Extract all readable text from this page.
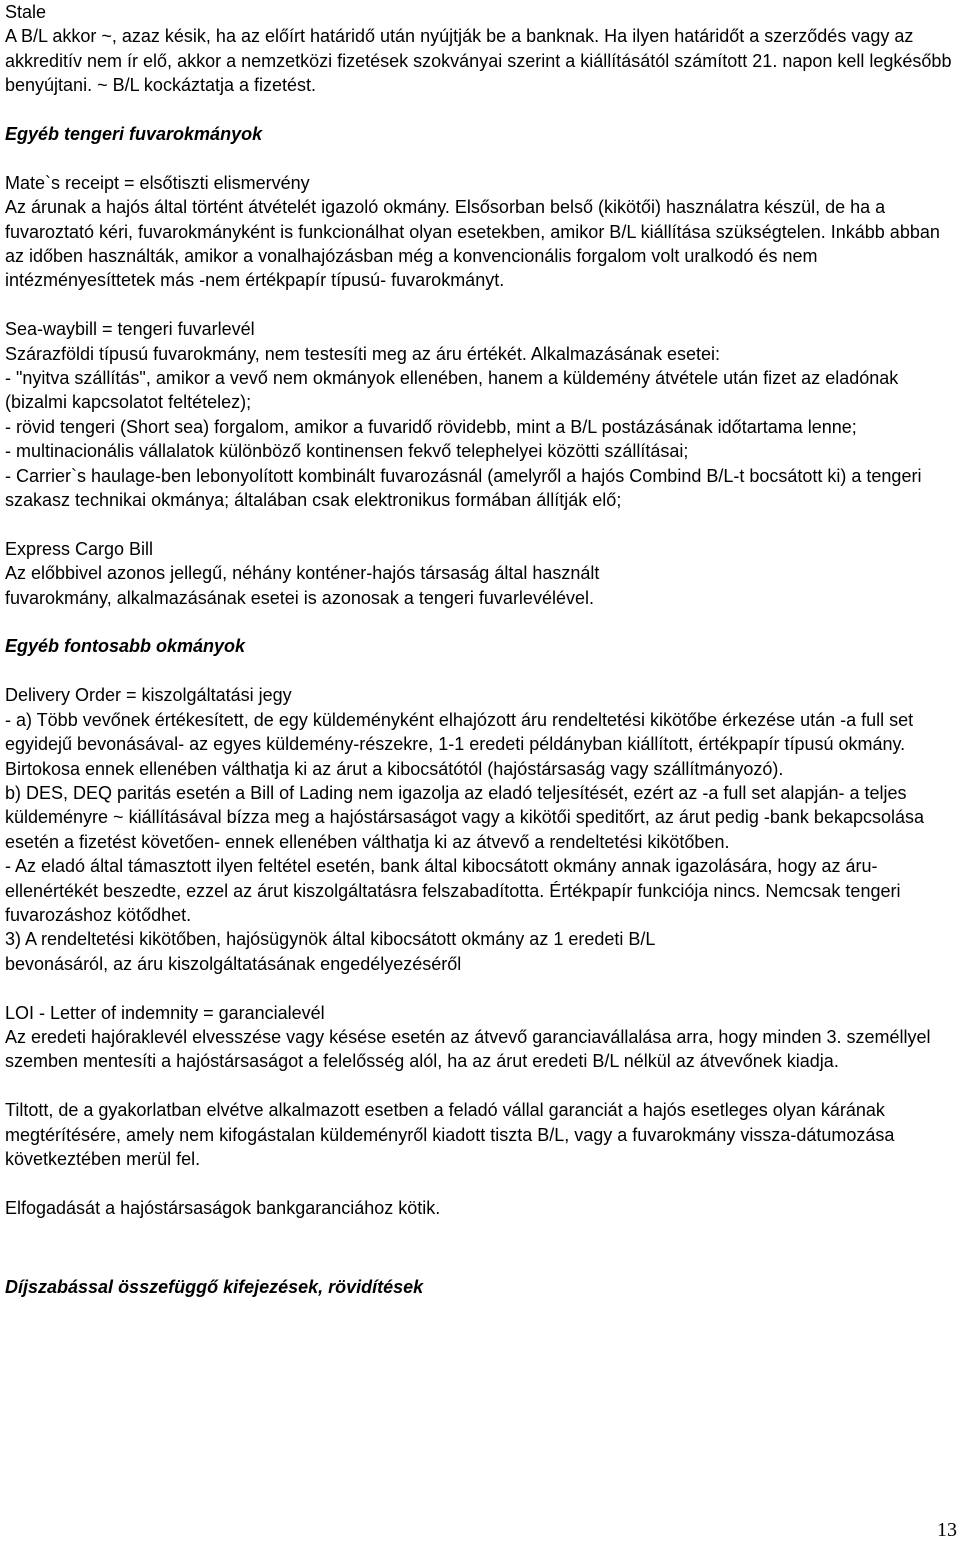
Stale

A B/L akkor ~, azaz késik, ha az előírt határidő után nyújtják be a banknak. Ha ilyen határidőt a szerződés vagy az akkreditív nem ír elő, akkor a nemzetközi fizetések szokványai szerint a kiállításától számított 21. napon kell legkésőbb benyújtani. ~ B/L kockáztatja a fizetést.

Egyéb tengeri fuvarokmányok

Mate`s receipt = elsőtiszti elismervény

Az árunak a hajós által történt átvételét igazoló okmány. Elsősorban belső (kikötői) használatra készül, de ha a fuvaroztató kéri, fuvarokmányként is funkcionálhat olyan esetekben, amikor B/L kiállítása szükségtelen. Inkább abban az időben használták, amikor a vonalhajózásban még a konvencionális forgalom volt uralkodó és nem intézményesíttetek más -nem értékpapír típusú- fuvarokmányt.

Sea-waybill = tengeri fuvarlevél

Szárazföldi típusú fuvarokmány, nem testesíti meg az áru értékét. Alkalmazásának esetei:

- "nyitva szállítás", amikor a vevő nem okmányok ellenében, hanem a küldemény átvétele után fizet az eladónak (bizalmi kapcsolatot feltételez);

- rövid tengeri (Short sea) forgalom, amikor a fuvaridő rövidebb, mint a B/L postázásának időtartama lenne;

- multinacionális vállalatok különböző kontinensen fekvő telephelyei közötti szállításai;

- Carrier`s haulage-ben lebonyolított kombinált fuvarozásnál (amelyről a hajós Combind B/L-t bocsátott ki) a tengeri szakasz technikai okmánya; általában csak elektronikus formában állítják elő;

Express Cargo Bill

Az előbbivel azonos jellegű, néhány konténer-hajós társaság által használt

fuvarokmány, alkalmazásának esetei is azonosak a tengeri fuvarlevélével.

Egyéb fontosabb okmányok

Delivery Order = kiszolgáltatási jegy

- a) Több vevőnek értékesített, de egy küldeményként elhajózott áru rendeltetési kikötőbe érkezése után -a full set egyidejű bevonásával- az egyes küldemény-részekre, 1-1 eredeti példányban kiállított, értékpapír típusú okmány. Birtokosa ennek ellenében válthatja ki az árut a kibocsátótól (hajóstársaság vagy szállítmányozó).

b) DES, DEQ paritás esetén a Bill of Lading nem igazolja az eladó teljesítését, ezért az -a full set alapján- a teljes küldeményre ~ kiállításával bízza meg a hajóstársaságot vagy a kikötői speditőrt, az árut pedig -bank bekapcsolása esetén a fizetést követően- ennek ellenében válthatja ki az átvevő a rendeltetési kikötőben.

- Az eladó által támasztott ilyen feltétel esetén, bank által kibocsátott okmány annak igazolására, hogy az áru-ellenértékét beszedte, ezzel az árut kiszolgáltatásra felszabadította. Értékpapír funkciója nincs. Nemcsak tengeri fuvarozáshoz kötődhet.

3) A rendeltetési kikötőben, hajósügynök által kibocsátott okmány az 1 eredeti B/L

bevonásáról, az áru kiszolgáltatásának engedélyezéséről

LOI - Letter of indemnity = garancialevél

Az eredeti hajóraklevél elvesszése vagy késése esetén az átvevő garanciavállalása arra, hogy minden 3. személlyel szemben mentesíti a hajóstársaságot a felelősség alól, ha az árut eredeti B/L nélkül az átvevőnek kiadja.

Tiltott, de a gyakorlatban elvétve alkalmazott esetben a feladó vállal garanciát a hajós esetleges olyan kárának megtérítésére, amely nem kifogástalan küldeményről kiadott tiszta B/L, vagy a fuvarokmány vissza-dátumozása következtében merül fel.

Elfogadását a hajóstársaságok bankgaranciához kötik.

Díjszabással összefüggő kifejezések, rövidítések

13
